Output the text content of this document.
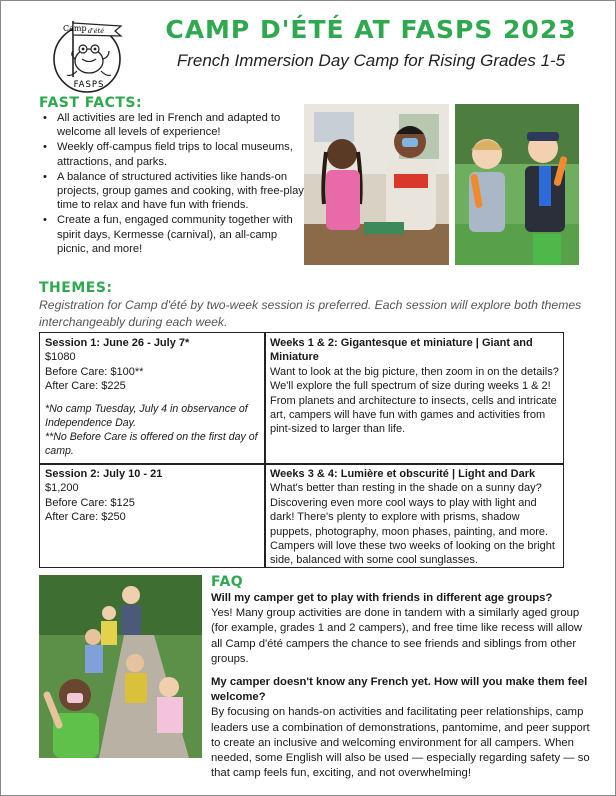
d'été
Camp
FASPS
CAMP D'ÉTÉ AT FASPS 2023
French Immersion Day Camp for Rising Grades 1-5
FAST FACTS:
• All activities are led in French and adapted to welcome all levels of experience!
• Weekly off-campus field trips to local museums, attractions, and parks.
• A balance of structured activities like hands-on projects, group games and cooking, with free-play time to relax and have fun with friends.
• Create a fun, engaged community together with spirit days, Kermesse (carnival), an all-camp picnic, and more!
THEMES:
Registration for Camp d'été by two-week session is preferred. Each session will explore both themes interchangeably during each week.
Session 1: June 26 - July 7*
$1080
Before Care: $100**
After Care: $225
*No camp Tuesday, July 4 in observance of Independence Day.
**No Before Care is offered on the first day of camp.
Weeks 1 & 2: Gigantesque et miniature | Giant and Miniature
Want to look at the big picture, then zoom in on the details? We'll explore the full spectrum of size during weeks 1 & 2! From planets and architecture to insects, cells and intricate art, campers will have fun with games and activities from pint-sized to larger than life.
Session 2: July 10 - 21
$1,200
Before Care: $125
After Care: $250
Weeks 3 & 4: Lumière et obscurité | Light and Dark
What's better than resting in the shade on a sunny day? Discovering even more cool ways to play with light and dark! There's plenty to explore with prisms, shadow puppets, photography, moon phases, painting, and more. Campers will love these two weeks of looking on the bright side, balanced with some cool sunglasses.
FAQ
Will my camper get to play with friends in different age groups?
Yes! Many group activities are done in tandem with a similarly aged group (for example, grades 1 and 2 campers), and free time like recess will allow all Camp d'été campers the chance to see friends and siblings from other groups.
My camper doesn't know any French yet. How will you make them feel welcome?
By focusing on hands-on activities and facilitating peer relationships, camp leaders use a combination of demonstrations, pantomime, and peer support to create an inclusive and welcoming environment for all campers. When needed, some English will also be used — especially regarding safety — so that camp feels fun, exciting, and not overwhelming!
